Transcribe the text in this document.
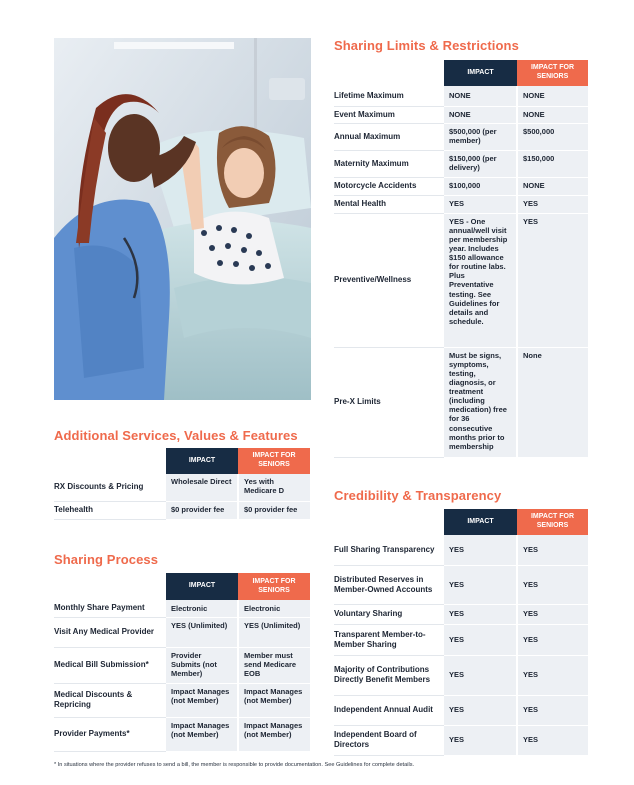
Sharing Limits & Restrictions
	IMPACT	IMPACT FOR SENIORS
Lifetime Maximum	NONE	NONE
Event Maximum	NONE	NONE
Annual Maximum	$500,000 (per member)	$500,000
Maternity Maximum	$150,000 (per delivery)	$150,000
Motorcycle Accidents	$100,000	NONE
Mental Health	YES	YES
Preventive/Wellness	YES - One annual/well visit per membership year. Includes $150 allowance for routine labs. Plus Preventative testing. See Guidelines for details and schedule.	YES
Pre-X Limits	Must be signs, symptoms, testing, diagnosis, or treatment (including medication) free for 36 consecutive months prior to membership	None
Additional Services, Values & Features
	IMPACT	IMPACT FOR SENIORS
RX Discounts & Pricing	Wholesale Direct	Yes with Medicare D
Telehealth	$0 provider fee	$0 provider fee
Sharing Process
	IMPACT	IMPACT FOR SENIORS
Monthly Share Payment	Electronic	Electronic
Visit Any Medical Provider	YES (Unlimited)	YES (Unlimited)
Medical Bill Submission*	Provider Submits (not Member)	Member must send Medicare EOB
Medical Discounts & Repricing	Impact Manages (not Member)	Impact Manages (not Member)
Provider Payments*	Impact Manages (not Member)	Impact Manages (not Member)
Credibility & Transparency
	IMPACT	IMPACT FOR SENIORS
Full Sharing Transparency	YES	YES
Distributed Reserves in Member-Owned Accounts	YES	YES
Voluntary Sharing	YES	YES
Transparent Member-to-Member Sharing	YES	YES
Majority of Contributions Directly Benefit Members	YES	YES
Independent Annual Audit	YES	YES
Independent Board of Directors	YES	YES
* In situations where the provider refuses to send a bill, the member is responsible to provide documentation. See Guidelines for complete details.
